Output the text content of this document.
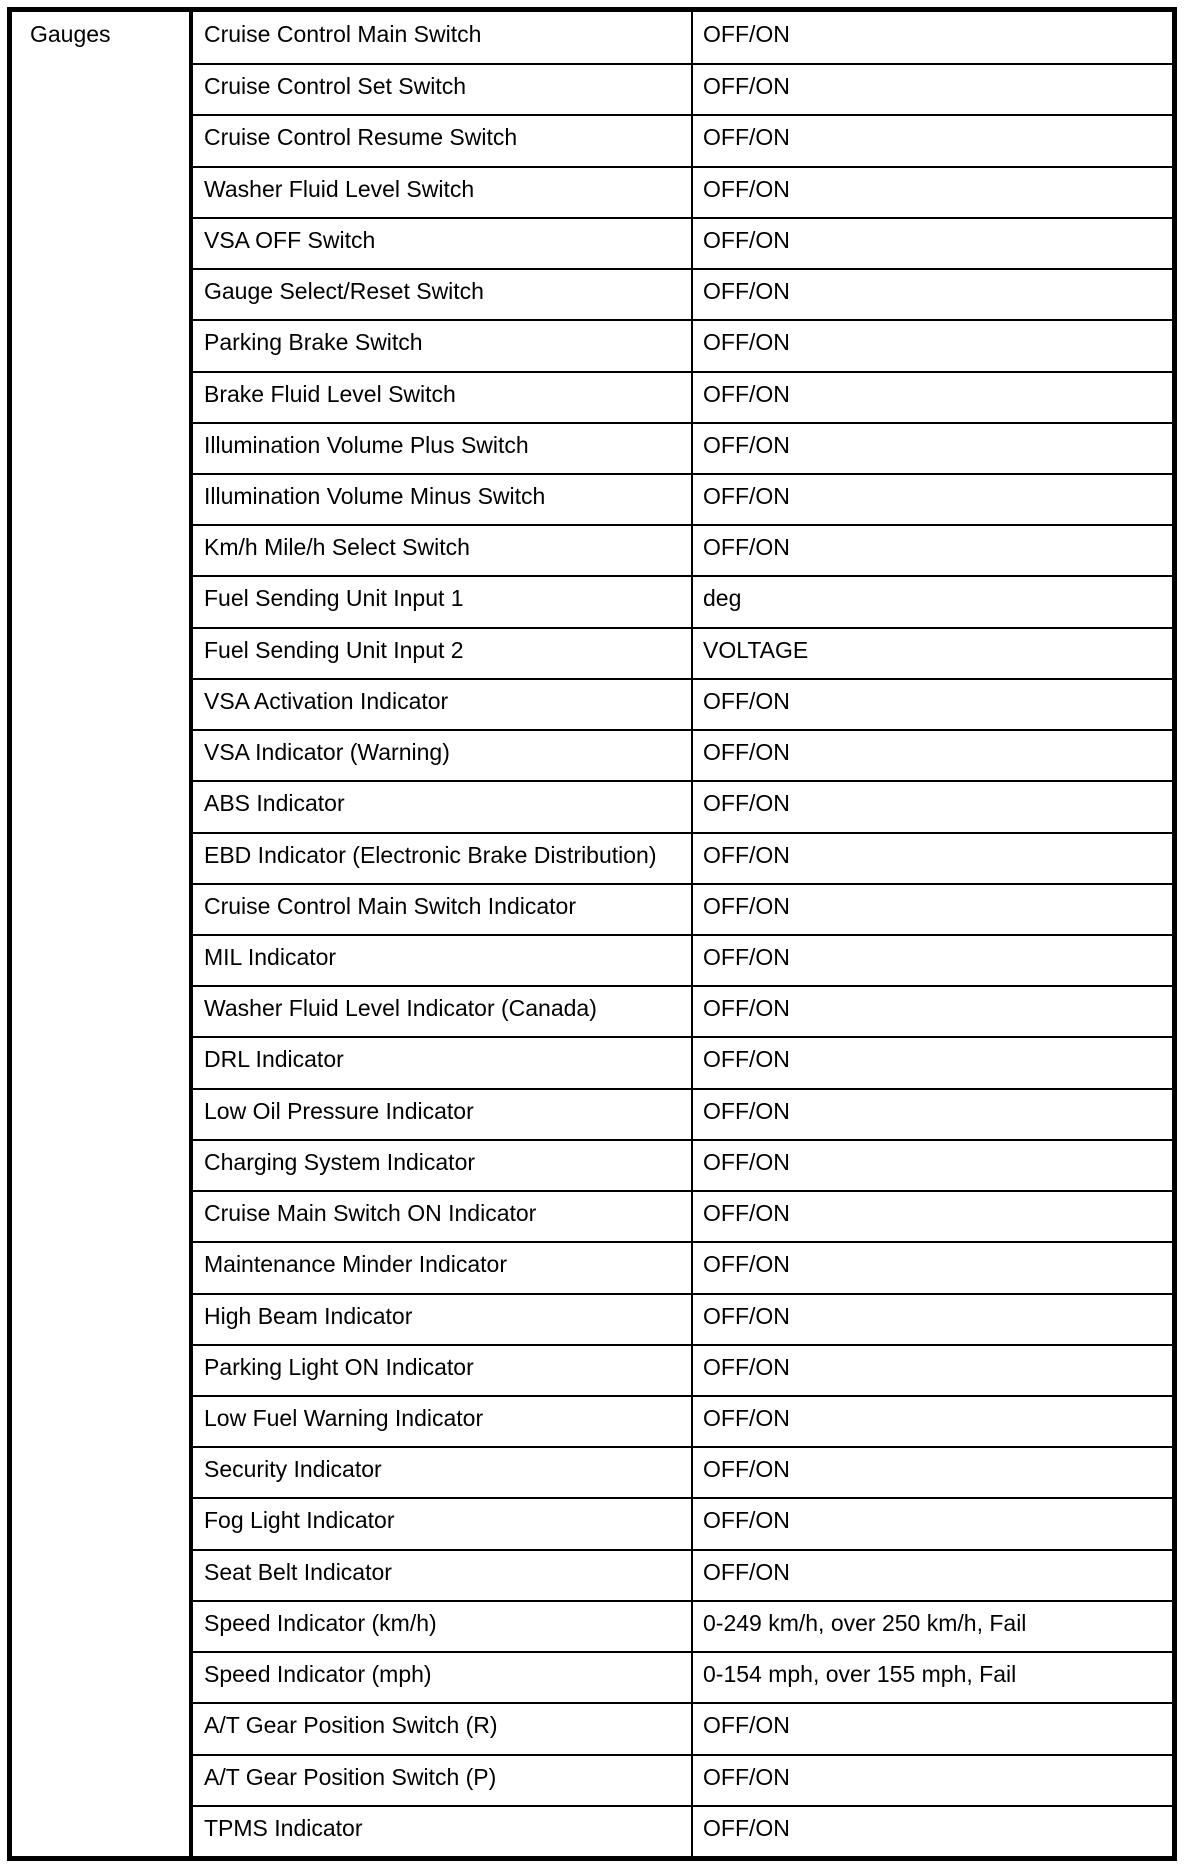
Gauges	Cruise Control Main Switch	OFF/ON
Cruise Control Set Switch	OFF/ON
Cruise Control Resume Switch	OFF/ON
Washer Fluid Level Switch	OFF/ON
VSA OFF Switch	OFF/ON
Gauge Select/Reset Switch	OFF/ON
Parking Brake Switch	OFF/ON
Brake Fluid Level Switch	OFF/ON
Illumination Volume Plus Switch	OFF/ON
Illumination Volume Minus Switch	OFF/ON
Km/h Mile/h Select Switch	OFF/ON
Fuel Sending Unit Input 1	deg
Fuel Sending Unit Input 2	VOLTAGE
VSA Activation Indicator	OFF/ON
VSA Indicator (Warning)	OFF/ON
ABS Indicator	OFF/ON
EBD Indicator (Electronic Brake Distribution)	OFF/ON
Cruise Control Main Switch Indicator	OFF/ON
MIL Indicator	OFF/ON
Washer Fluid Level Indicator (Canada)	OFF/ON
DRL Indicator	OFF/ON
Low Oil Pressure Indicator	OFF/ON
Charging System Indicator	OFF/ON
Cruise Main Switch ON Indicator	OFF/ON
Maintenance Minder Indicator	OFF/ON
High Beam Indicator	OFF/ON
Parking Light ON Indicator	OFF/ON
Low Fuel Warning Indicator	OFF/ON
Security Indicator	OFF/ON
Fog Light Indicator	OFF/ON
Seat Belt Indicator	OFF/ON
Speed Indicator (km/h)	0-249 km/h, over 250 km/h, Fail
Speed Indicator (mph)	0-154 mph, over 155 mph, Fail
A/T Gear Position Switch (R)	OFF/ON
A/T Gear Position Switch (P)	OFF/ON
TPMS Indicator	OFF/ON
